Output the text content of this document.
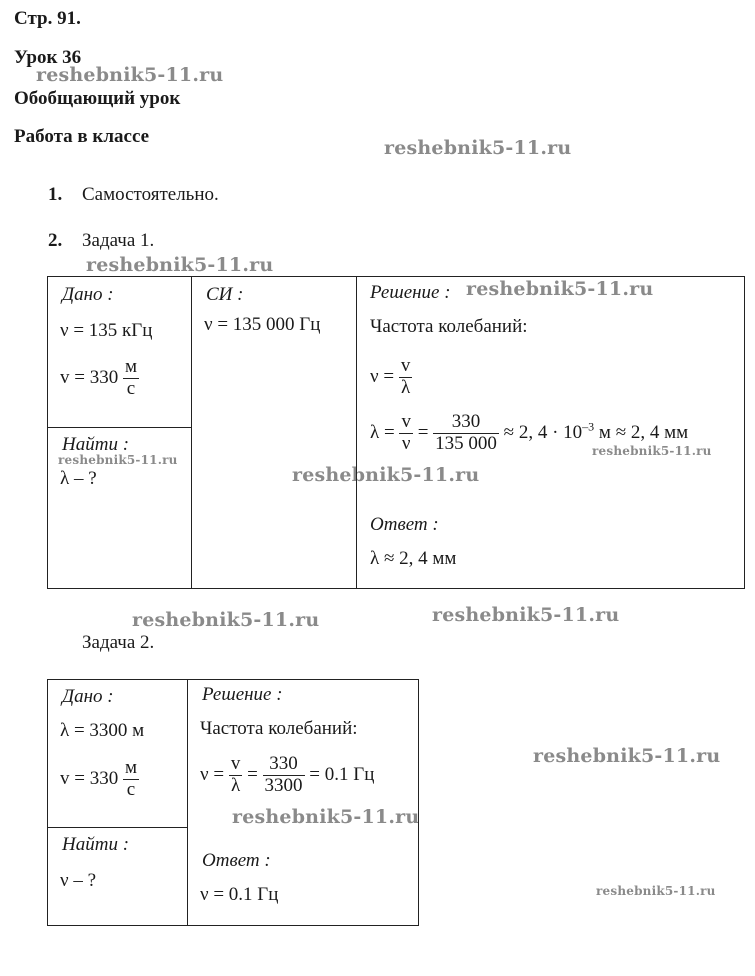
Стр. 91.
Урок 36
Обобщающий урок
Работа в классе
reshebnik5-11.ru
reshebnik5-11.ru
reshebnik5-11.ru
reshebnik5-11.ru
reshebnik5-11.ru
reshebnik5-11.ru
reshebnik5-11.ru
reshebnik5-11.ru	reshebnik5-11.ru
reshebnik5-11.ru
reshebnik5-11.ru
reshebnik5-11.ru
1. Самостоятельно.
2. Задача 1.
Задача 2.
Дано :
ν = 135 кГц
$v = 330 \frac{м}{с}$
Найти :
λ – ?
СИ :
ν = 135 000 Гц
Решение :
Частота колебаний:
$\nu = \frac{v}{\lambda}$
$\lambda = \frac{v}{\nu} = \frac{330}{135 000} \approx 2$, $4 \cdot 10^{-3}$ м ≈ 2, 4 мм
Ответ :
λ ≈ 2, 4 мм
Дано :
λ = 3300 м
$v = 330 \frac{м}{с}$
Найти :
ν – ?
Решение :
Частота колебаний:
$\nu = \frac{v}{\lambda} = \frac{330}{3300} = 0.1$ Гц
Ответ :
ν = 0.1 Гц
